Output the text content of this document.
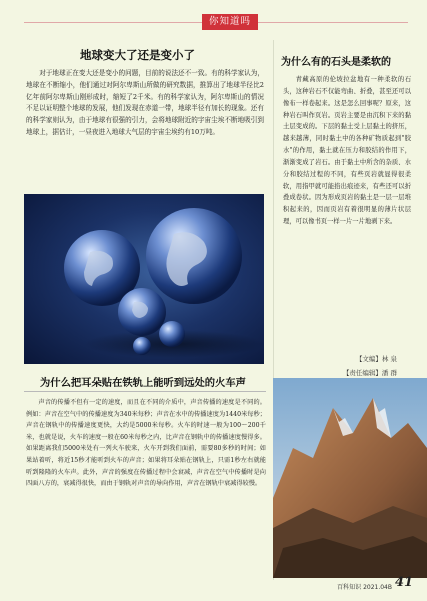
你知道吗
地球变大了还是变小了
对于地球正在变大还是变小的问题，目前的说法还不一致。有的科学家认为，地球在不断缩小，他们通过对阿尔卑斯山所做的研究数据，推算出了地球半径比2亿年前阿尔卑斯山刚形成时，缩短了2千米。有的科学家认为，阿尔卑斯山的情况不足以证明整个地球的发展，他们发现在赤道一带，地球半径有加长的现象。还有的科学家则认为，由于地球有很强的引力，会将地球附近的宇宙尘埃不断地吸引到地球上，据估计，一昼夜进入地球大气层的宇宙尘埃约有10万吨。
为什么把耳朵贴在铁轨上能听到远处的火车声
声音的传播不但有一定的速度，而且在不同的介质中，声音传播的速度是不同的。例如：声音在空气中的传播速度为340米每秒；声音在水中的传播速度为1440米每秒；声音在钢轨中的传播速度更快，大约是5000米每秒。火车的时速一般为100～200千米，也就是说，火车的速度一般在60米每秒之内，比声音在钢轨中的传播速度慢得多。如果距离我们5000米处有一列火车驶来，火车开到我们面前，需要80多秒的时间；如果站着听，将近15秒才能听到火车的声音；如果将耳朵贴在钢轨上，只需1秒左右就能听到隆隆的火车声。此外，声音的强度在传播过程中会衰减，声音在空气中传播时是向四面八方的，衰减得很快，而由于钢轨对声音的导向作用，声音在钢轨中衰减得较慢。
为什么有的石头是柔软的
青藏高原的伦坡拉盆地有一种柔软的石头，这种岩石不仅能弯曲、折叠，甚至还可以像布一样卷起来。这是怎么回事呢？原来，这种岩石叫作页岩。页岩主要是由沉积下来的黏土层变成的。下层的黏土受上层黏土的挤压，越来越薄，同时黏土中的各种矿物质起到"胶水"的作用，黏土就在压力和胶结的作用下，渐渐变成了岩石。由于黏土中所含的杂质、水分和胶结过程的不同，有些页岩就显得很柔软，用指甲就可能掐出痕迹来，有些还可以折叠成卷状。因为形成页岩的黏土是一层一层堆积起来的，因而页岩有着很明显的薄片状层理，可以像书页一样一片一片地剥下来。
【文编】林 泉
【责任编辑】潘 群
百科知识 2021.04B 41
